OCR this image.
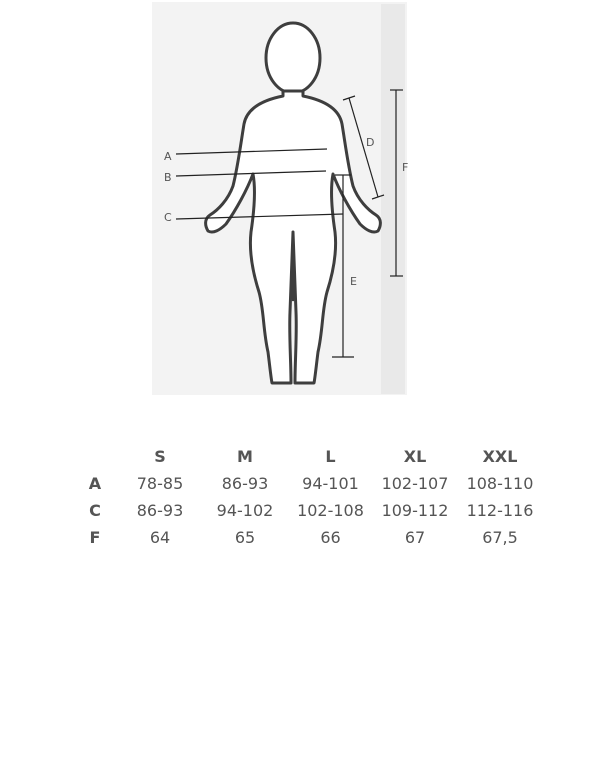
A
B
C
D
E
F
	S	M	L	XL	XXL
A	78-85	86-93	94-101	102-107	108-110
C	86-93	94-102	102-108	109-112	112-116
F	64	65	66	67	67,5
